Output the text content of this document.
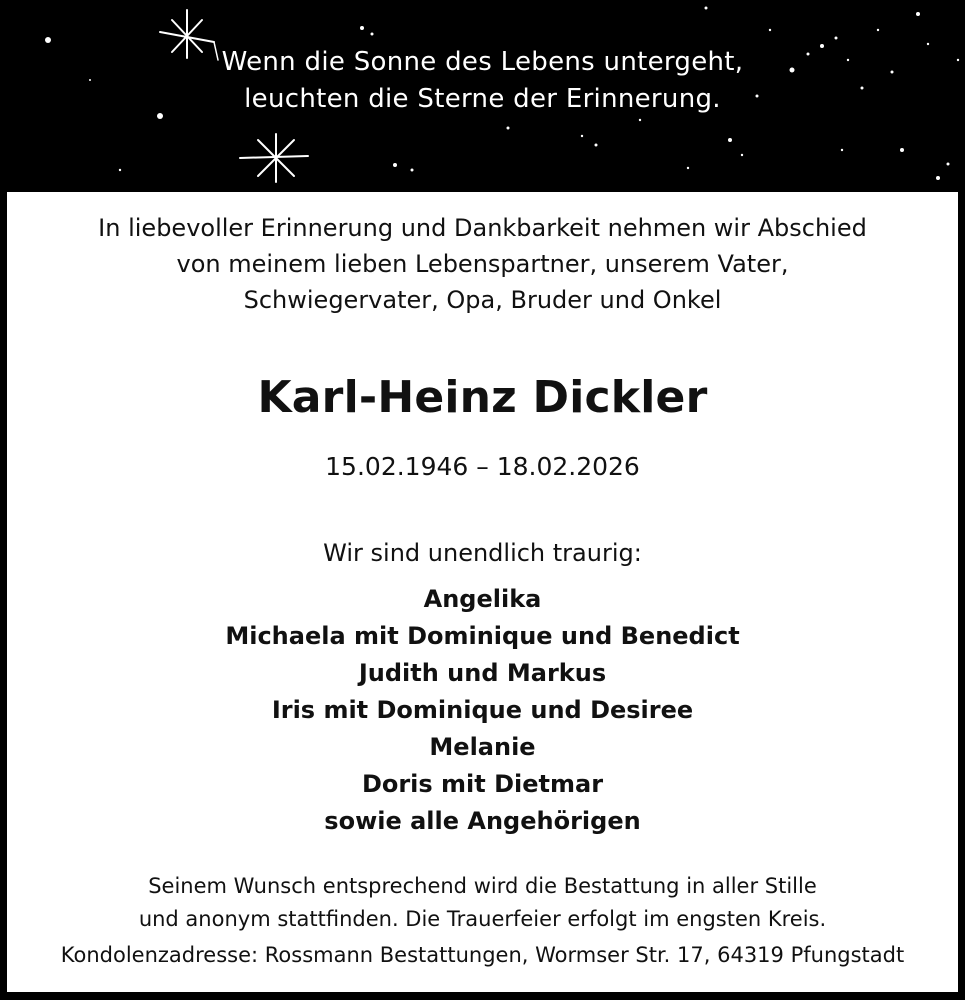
Wenn die Sonne des Lebens untergeht,
leuchten die Sterne der Erinnerung.
In liebevoller Erinnerung und Dankbarkeit nehmen wir Abschied
von meinem lieben Lebenspartner, unserem Vater,
Schwiegervater, Opa, Bruder und Onkel
Karl-Heinz Dickler
15.02.1946 – 18.02.2026
Wir sind unendlich traurig:
Angelika
Michaela mit Dominique und Benedict
Judith und Markus
Iris mit Dominique und Desiree
Melanie
Doris mit Dietmar
sowie alle Angehörigen
Seinem Wunsch entsprechend wird die Bestattung in aller Stille
und anonym stattfinden. Die Trauerfeier erfolgt im engsten Kreis.
Kondolenzadresse: Rossmann Bestattungen, Wormser Str. 17, 64319 Pfungstadt
